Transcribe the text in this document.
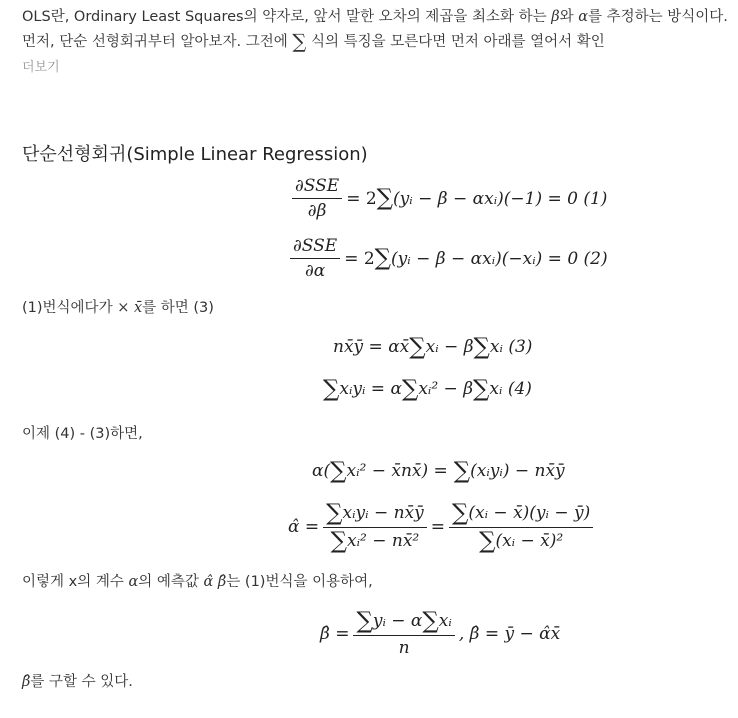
OLS란, Ordinary Least Squares의 약자로, 앞서 말한 오차의 제곱을 최소화 하는 β와 α를 추정하는 방식이다.
먼저, 단순 선형회귀부터 알아보자. 그전에 ∑ 식의 특징을 모른다면 먼저 아래를 열어서 확인
더보기
단순선형회귀(Simple Linear Regression)
$\frac{\text{∂SSE}}{\partial\beta} = 2$ ∑ (yᵢ − β − αxᵢ)(−1) = 0 (1)
$\frac{\text{∂SSE}}{\partial\alpha} = 2$ ∑ (yᵢ − β − αxᵢ)(−xᵢ) = 0 (2)
(1)번식에다가 × x̄를 하면 (3)
nx̄ȳ = αx̄ ∑ xᵢ − β ∑ xᵢ (3)
∑ xᵢyᵢ = α ∑ xᵢ² − β ∑ xᵢ (4)
이제 (4) - (3)하면,
α( ∑ xᵢ² − x̄nx̄) = ∑ (xᵢyᵢ) − nx̄ȳ
α̂ = $\frac{\text{∑xᵢyᵢ − nx̄ȳ}}{\text{∑xᵢ² − nx̄²}} = \frac{\text{∑(xᵢ − x̄)(yᵢ − ȳ)}}{\text{∑(xᵢ − x̄)²}}$
이렇게 x의 계수 α의 예측값 α̂ β̂는 (1)번식을 이용하여,
β̂ = $\frac{\text{∑yᵢ − α∑xᵢ}}{n}$ , β̂ = ȳ − α̂x̄
β̂를 구할 수 있다.
